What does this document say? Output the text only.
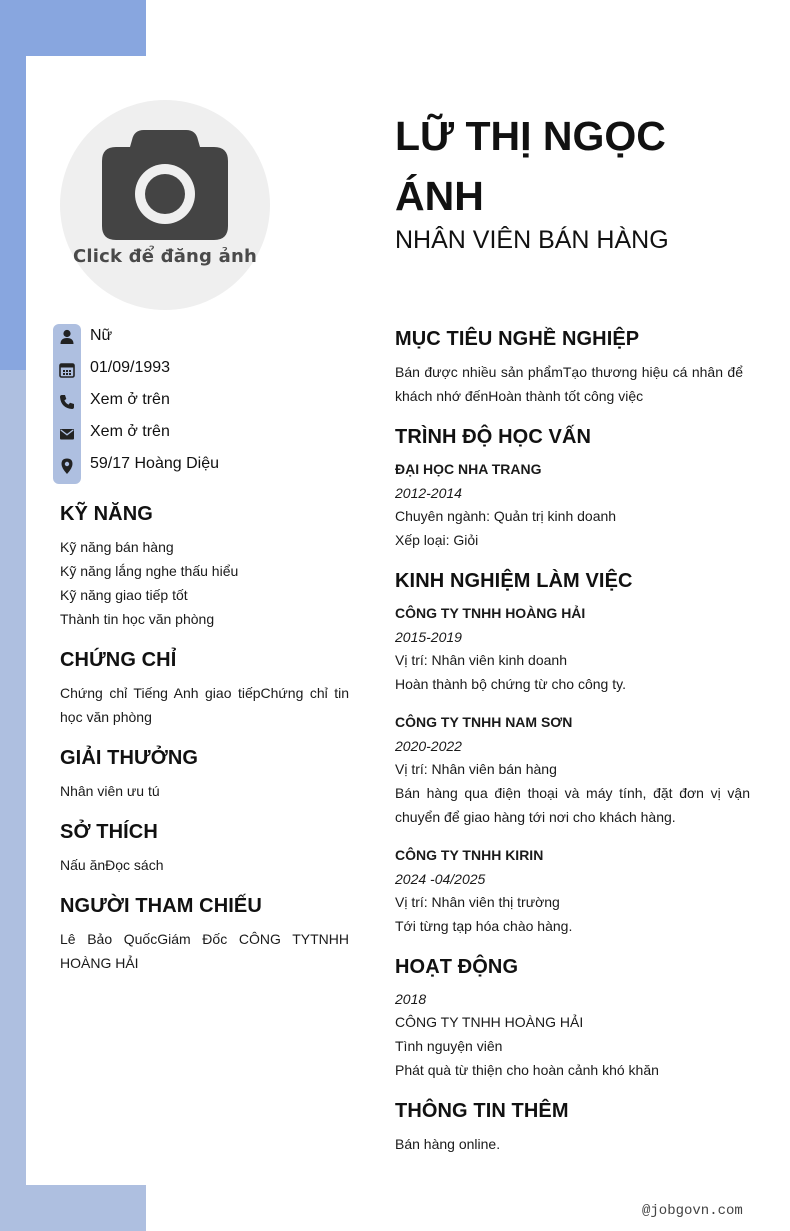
Click để đăng ảnh
LỮ THỊ NGỌC
ÁNH
NHÂN VIÊN BÁN HÀNG
Nữ
01/09/1993
Xem ở trên
Xem ở trên
59/17 Hoàng Diệu
KỸ NĂNG
Kỹ năng bán hàng
Kỹ năng lắng nghe thấu hiểu
Kỹ năng giao tiếp tốt
Thành tin học văn phòng
CHỨNG CHỈ
Chứng chỉ Tiếng Anh giao tiếpChứng chỉ tin học văn phòng
GIẢI THƯỞNG
Nhân viên ưu tú
SỞ THÍCH
Nấu ănĐọc sách
NGƯỜI THAM CHIẾU
Lê Bảo QuốcGiám Đốc CÔNG TYTNHH HOÀNG HẢI
MỤC TIÊU NGHỀ NGHIỆP
Bán được nhiều sản phẩmTạo thương hiệu cá nhân để khách nhớ đếnHoàn thành tốt công việc
TRÌNH ĐỘ HỌC VẤN
ĐẠI HỌC NHA TRANG
2012-2014
Chuyên ngành: Quản trị kinh doanh
Xếp loại: Giỏi
KINH NGHIỆM LÀM VIỆC
CÔNG TY TNHH HOÀNG HẢI
2015-2019
Vị trí: Nhân viên kinh doanh
Hoàn thành bộ chứng từ cho công ty.
CÔNG TY TNHH NAM SƠN
2020-2022
Vị trí: Nhân viên bán hàng
Bán hàng qua điện thoại và máy tính, đặt đơn vị vận chuyển để giao hàng tới nơi cho khách hàng.
CÔNG TY TNHH KIRIN
2024 -04/2025
Vị trí: Nhân viên thị trường
Tới từng tạp hóa chào hàng.
HOẠT ĐỘNG
2018
CÔNG TY TNHH HOÀNG HẢI
Tình nguyện viên
Phát quà từ thiện cho hoàn cảnh khó khăn
THÔNG TIN THÊM
Bán hàng online.
@jobgovn.com
